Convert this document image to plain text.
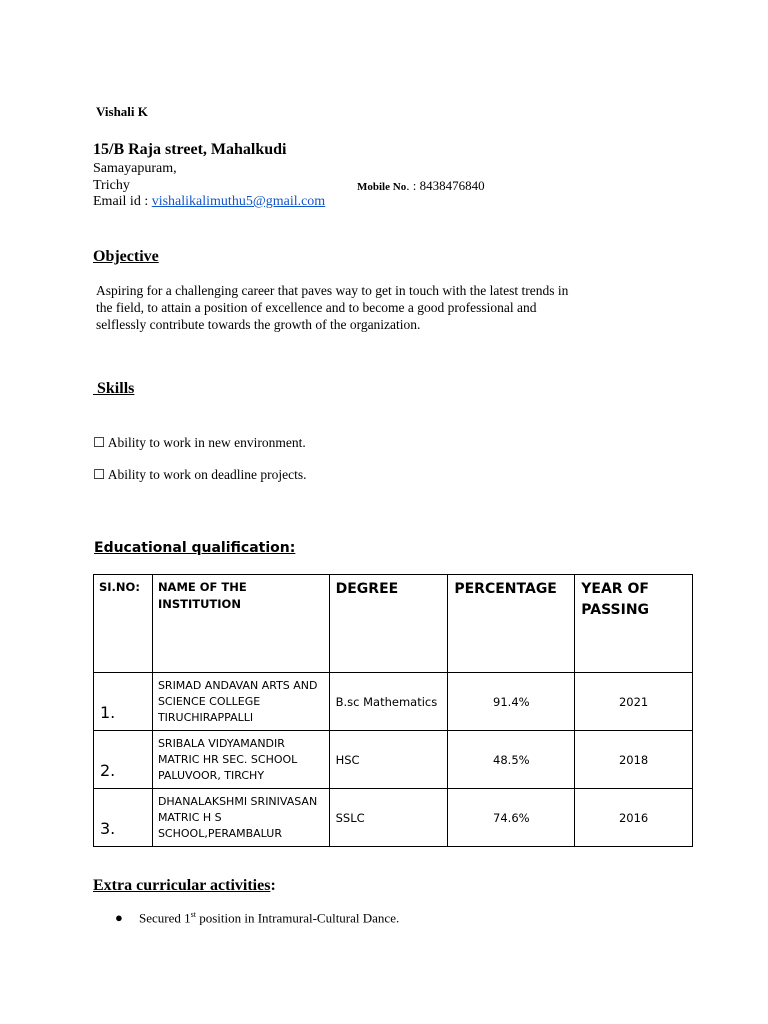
Vishali K
15/B Raja street, Mahalkudi
Samayapuram,
Trichy	Mobile No. : 8438476840
Email id : vishalikalimuthu5@gmail.com
Objective
Aspiring for a challenging career that paves way to get in touch with the latest trends in the field, to attain a position of excellence and to become a good professional and selflessly contribute towards the growth of the organization.
Skills
☐ Ability to work in new environment.
☐ Ability to work on deadline projects.
Educational qualification:
SI.NO:	NAME OF THE INSTITUTION	DEGREE	PERCENTAGE	YEAR OF PASSING
1.	SRIMAD ANDAVAN ARTS AND SCIENCE COLLEGE TIRUCHIRAPPALLI	B.sc Mathematics	91.4%	2021
2.	SRIBALA VIDYAMANDIR MATRIC HR SEC. SCHOOL PALUVOOR, TIRCHY	HSC	48.5%	2018
3.	DHANALAKSHMI SRINIVASAN MATRIC H S SCHOOL,PERAMBALUR	SSLC	74.6%	2016
Extra curricular activities:
● Secured 1st position in Intramural-Cultural Dance.
